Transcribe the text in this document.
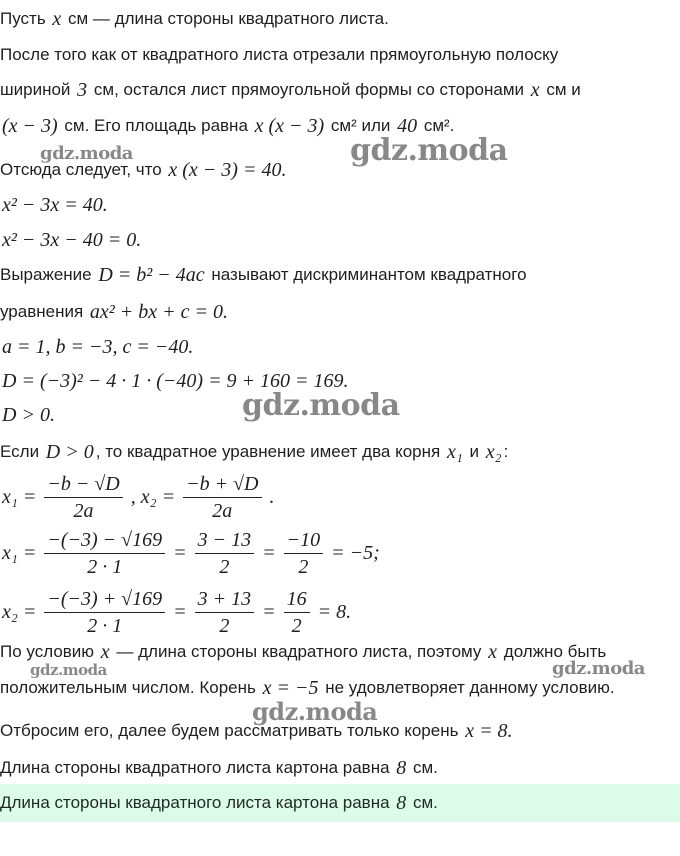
Пусть x см — длина стороны квадратного листа.
После того как от квадратного листа отрезали прямоугольную полоску
шириной 3 см, остался лист прямоугольной формы со сторонами x см и
(x − 3) см. Его площадь равна x (x − 3) см² или 40 см².
Отсюда следует, что x (x − 3) = 40.
x² − 3x = 40.
x² − 3x − 40 = 0.
Выражение D = b² − 4ac называют дискриминантом квадратного
уравнения ax² + bx + c = 0.
a = 1, b = −3, c = −40.
D = (−3)² − 4 · 1 · (−40) = 9 + 160 = 169.
D > 0.
Если D > 0 , то квадратное уравнение имеет два корня x₁ и x₂ :
$x_1 = \frac{-b - √D}{2a}$ , $x_2 = \frac{-b + √D}{2a}$ .
$x_1 = \frac{-(-3) - √169}{2 \cdot 1} = \frac{3 - 13}{2} = \frac{-10}{2} = -5$;
$x_2 = \frac{-(-3) + √169}{2 \cdot 1} = \frac{3 + 13}{2} = \frac{16}{2} = 8$.
По условию x — длина стороны квадратного листа, поэтому x должно быть
положительным числом. Корень x = −5 не удовлетворяет данному условию.
Отбросим его, далее будем рассматривать только корень x = 8.
Длина стороны квадратного листа картона равна 8 см.
Длина стороны квадратного листа картона равна 8 см.
gdz.moda	gdz.moda
gdz.moda
gdz.moda	gdz.moda
gdz.moda
